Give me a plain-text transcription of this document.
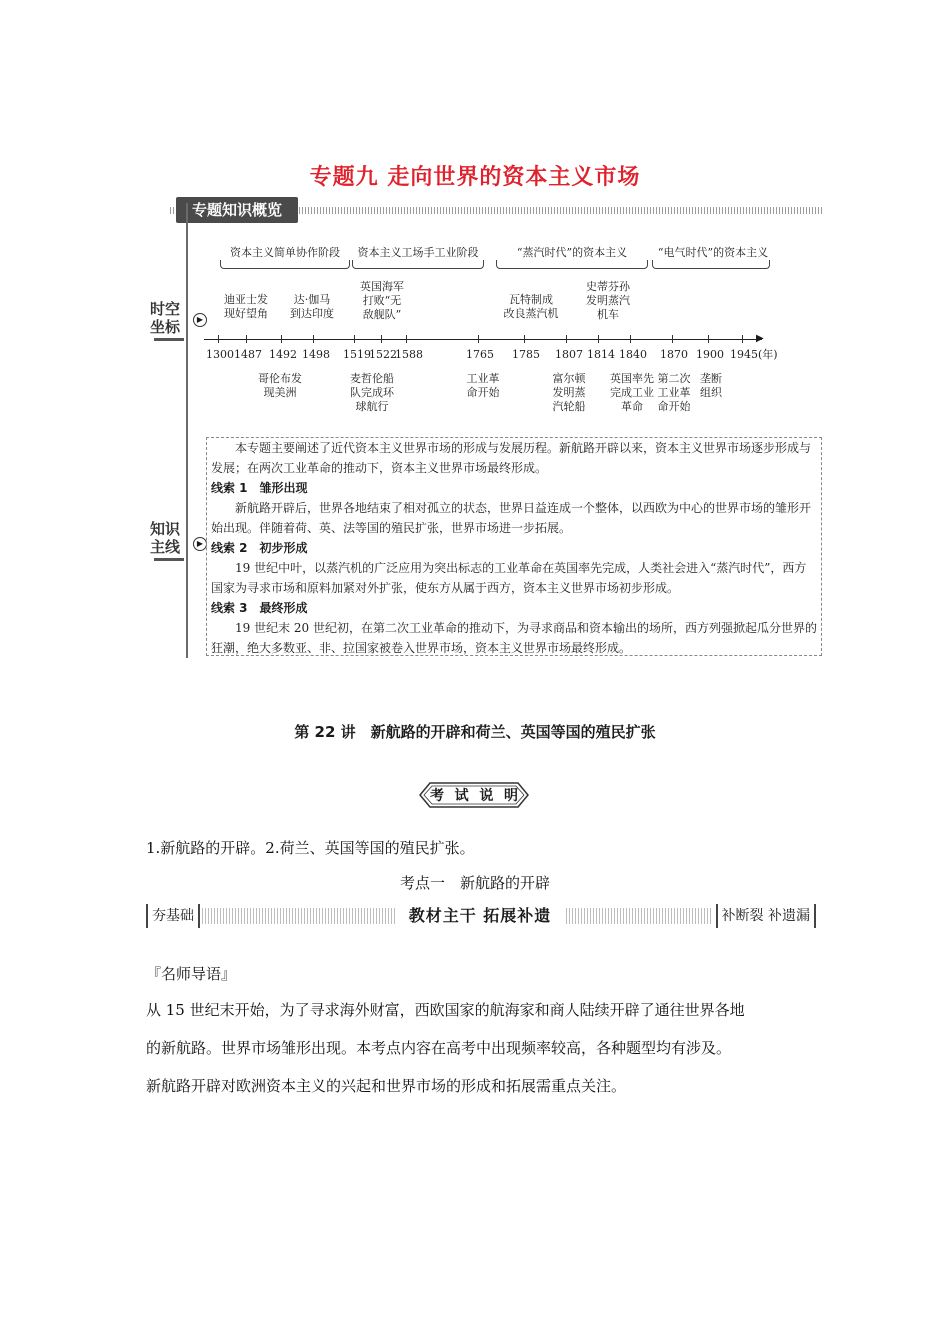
专题九 走向世界的资本主义市场
专题知识概览
时空
坐标	▶
资本主义简单协作阶段	资本主义工场手工业阶段	“蒸汽时代”的资本主义	“电气时代”的资本主义
迪亚士发
现好望角
达·伽马
到达印度
英国海军
打败“无
敌舰队”
瓦特制成
改良蒸汽机
史蒂芬孙
发明蒸汽
机车
▶
1300 1487 1492 1498 1519
1522
1588	1765 1785 1807 1814 1840 1870 1900 1945(年)
哥伦布发
现美洲
麦哲伦船
队完成环
球航行
工业革
命开始
富尔顿
发明蒸
汽轮船
英国率先
完成工业
革命
第二次
工业革
命开始
垄断
组织
知识
主线	▶

本专题主要阐述了近代资本主义世界市场的形成与发展历程。新航路开辟以来，资本主义世界市场逐步形成与发展；在两次工业革命的推动下，资本主义世界市场最终形成。

线索 1　雏形出现

新航路开辟后，世界各地结束了相对孤立的状态，世界日益连成一个整体，以西欧为中心的世界市场的雏形开始出现。伴随着荷、英、法等国的殖民扩张，世界市场进一步拓展。

线索 2　初步形成

19 世纪中叶，以蒸汽机的广泛应用为突出标志的工业革命在英国率先完成，人类社会进入“蒸汽时代”，西方国家为寻求市场和原料加紧对外扩张，使东方从属于西方，资本主义世界市场初步形成。

线索 3　最终形成

19 世纪末 20 世纪初，在第二次工业革命的推动下，为寻求商品和资本输出的场所，西方列强掀起瓜分世界的狂潮，绝大多数亚、非、拉国家被卷入世界市场，资本主义世界市场最终形成。

第 22 讲　新航路的开辟和荷兰、英国等国的殖民扩张
考 试 说 明
1.新航路的开辟。2.荷兰、英国等国的殖民扩张。
考点一　新航路的开辟
夯基础	教材主干 拓展补遗	补断裂 补遗漏
『名师导语』
从 15 世纪末开始，为了寻求海外财富，西欧国家的航海家和商人陆续开辟了通往世界各地
的新航路。世界市场雏形出现。本考点内容在高考中出现频率较高，各种题型均有涉及。
新航路开辟对欧洲资本主义的兴起和世界市场的形成和拓展需重点关注。
